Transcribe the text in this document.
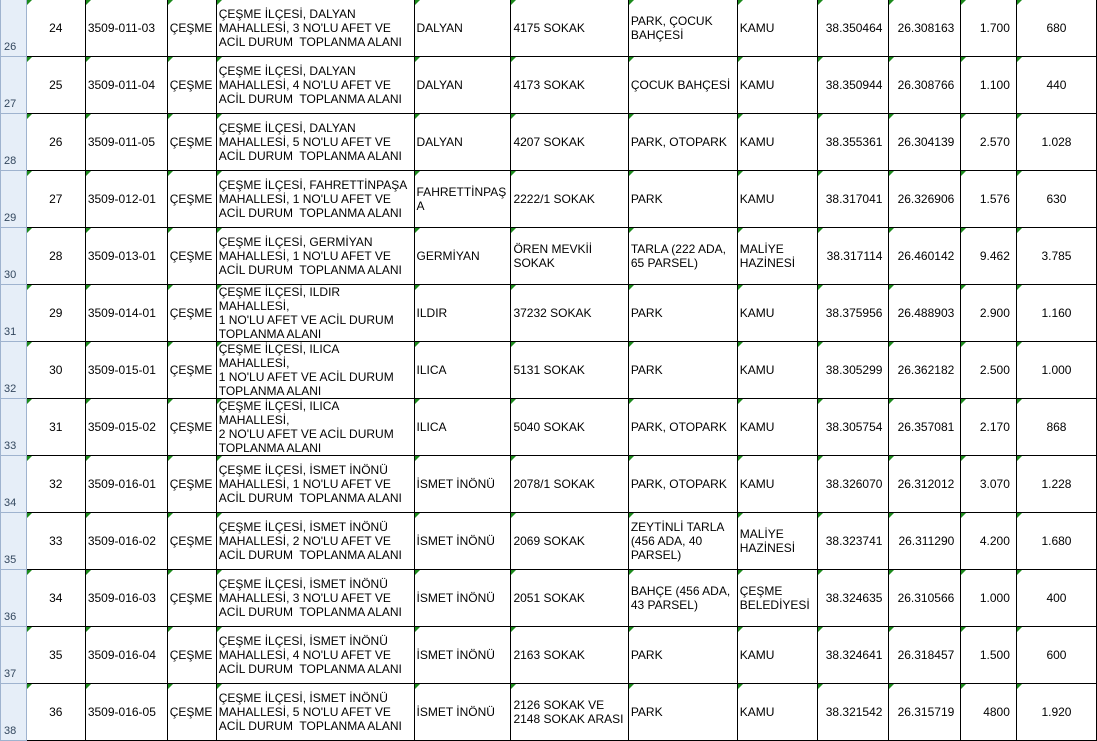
26	24	3509-011-03	ÇEŞME	ÇEŞME İLÇESİ, DALYAN
MAHALLESİ, 3 NO'LU AFET VE
ACİL DURUM  TOPLANMA ALANI	DALYAN	4175 SOKAK	PARK, ÇOCUK
BAHÇESİ	KAMU	38.350464	26.308163	1.700	680
27	25	3509-011-04	ÇEŞME	ÇEŞME İLÇESİ, DALYAN
MAHALLESİ, 4 NO'LU AFET VE
ACİL DURUM  TOPLANMA ALANI	DALYAN	4173 SOKAK	ÇOCUK BAHÇESİ	KAMU	38.350944	26.308766	1.100	440
28	26	3509-011-05	ÇEŞME	ÇEŞME İLÇESİ, DALYAN
MAHALLESİ, 5 NO'LU AFET VE
ACİL DURUM  TOPLANMA ALANI	DALYAN	4207 SOKAK	PARK, OTOPARK	KAMU	38.355361	26.304139	2.570	1.028
29	27	3509-012-01	ÇEŞME	ÇEŞME İLÇESİ, FAHRETTİNPAŞA
MAHALLESİ, 1 NO'LU AFET VE
ACİL DURUM  TOPLANMA ALANI	FAHRETTİNPAŞ
A	2222/1 SOKAK	PARK	KAMU	38.317041	26.326906	1.576	630
30	28	3509-013-01	ÇEŞME	ÇEŞME İLÇESİ, GERMİYAN
MAHALLESİ, 1 NO'LU AFET VE
ACİL DURUM  TOPLANMA ALANI	GERMİYAN	ÖREN MEVKİİ
SOKAK	TARLA (222 ADA,
65 PARSEL)	MALİYE
HAZİNESİ	38.317114	26.460142	9.462	3.785
31	29	3509-014-01	ÇEŞME	ÇEŞME İLÇESİ, ILDIR MAHALLESİ,
1 NO'LU AFET VE ACİL DURUM
TOPLANMA ALANI	ILDIR	37232 SOKAK	PARK	KAMU	38.375956	26.488903	2.900	1.160
32	30	3509-015-01	ÇEŞME	ÇEŞME İLÇESİ, ILICA MAHALLESİ,
1 NO'LU AFET VE ACİL DURUM
TOPLANMA ALANI	ILICA	5131 SOKAK	PARK	KAMU	38.305299	26.362182	2.500	1.000
33	31	3509-015-02	ÇEŞME	ÇEŞME İLÇESİ, ILICA MAHALLESİ,
2 NO'LU AFET VE ACİL DURUM
TOPLANMA ALANI	ILICA	5040 SOKAK	PARK, OTOPARK	KAMU	38.305754	26.357081	2.170	868
34	32	3509-016-01	ÇEŞME	ÇEŞME İLÇESİ, İSMET İNÖNÜ
MAHALLESİ, 1 NO'LU AFET VE
ACİL DURUM  TOPLANMA ALANI	İSMET İNÖNÜ	2078/1 SOKAK	PARK, OTOPARK	KAMU	38.326070	26.312012	3.070	1.228
35	33	3509-016-02	ÇEŞME	ÇEŞME İLÇESİ, İSMET İNÖNÜ
MAHALLESİ, 2 NO'LU AFET VE
ACİL DURUM  TOPLANMA ALANI	İSMET İNÖNÜ	2069 SOKAK	ZEYTİNLİ TARLA
(456 ADA, 40
PARSEL)	MALİYE
HAZİNESİ	38.323741	26.311290	4.200	1.680
36	34	3509-016-03	ÇEŞME	ÇEŞME İLÇESİ, İSMET İNÖNÜ
MAHALLESİ, 3 NO'LU AFET VE
ACİL DURUM  TOPLANMA ALANI	İSMET İNÖNÜ	2051 SOKAK	BAHÇE (456 ADA,
43 PARSEL)	ÇEŞME
BELEDİYESİ	38.324635	26.310566	1.000	400
37	35	3509-016-04	ÇEŞME	ÇEŞME İLÇESİ, İSMET İNÖNÜ
MAHALLESİ, 4 NO'LU AFET VE
ACİL DURUM  TOPLANMA ALANI	İSMET İNÖNÜ	2163 SOKAK	PARK	KAMU	38.324641	26.318457	1.500	600
38	36	3509-016-05	ÇEŞME	ÇEŞME İLÇESİ, İSMET İNÖNÜ
MAHALLESİ, 5 NO'LU AFET VE
ACİL DURUM  TOPLANMA ALANI	İSMET İNÖNÜ	2126 SOKAK VE
2148 SOKAK ARASI	PARK	KAMU	38.321542	26.315719	4800	1.920
